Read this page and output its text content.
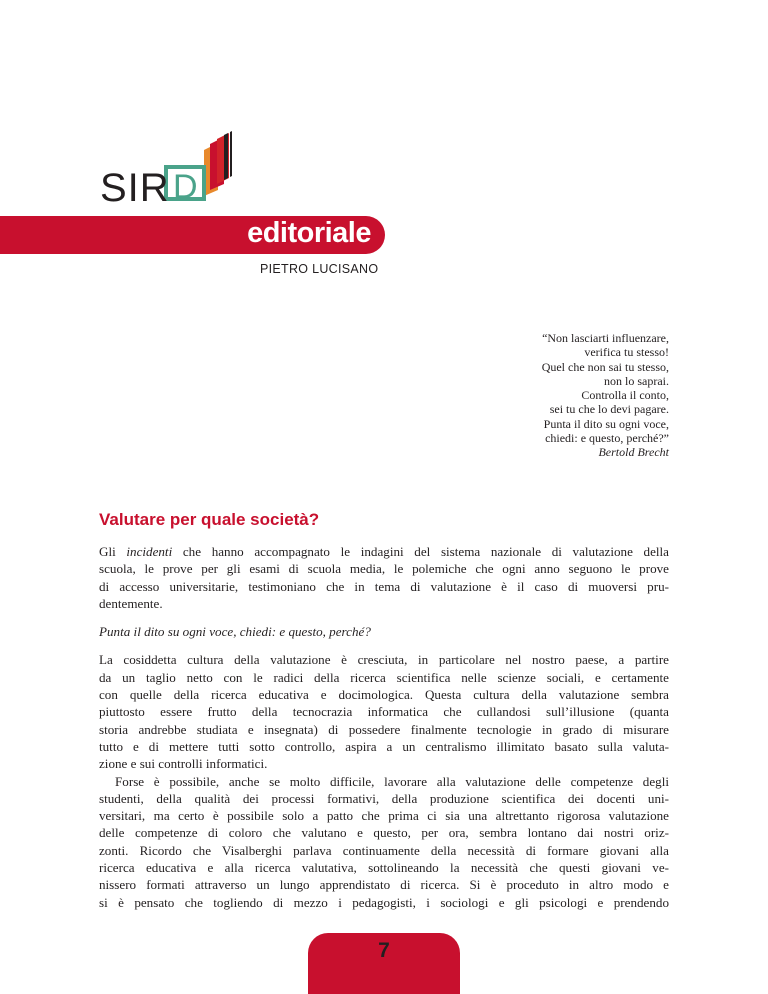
SIR D
editoriale
PIETRO LUCISANO
“Non lasciarti influenzare,
verifica tu stesso!
Quel che non sai tu stesso,
non lo saprai.
Controlla il conto,
sei tu che lo devi pagare.
Punta il dito su ogni voce,
chiedi: e questo, perché?”
Bertold Brecht
Valutare per quale società?

Gli incidenti che hanno accompagnato le indagini del sistema nazionale di valutazione della
scuola, le prove per gli esami di scuola media, le polemiche che ogni anno seguono le prove
di accesso universitarie, testimoniano che in tema di valutazione è il caso di muoversi pru-
dentemente.

Punta il dito su ogni voce, chiedi: e questo, perché?

La cosiddetta cultura della valutazione è cresciuta, in particolare nel nostro paese, a partire
da un taglio netto con le radici della ricerca scientifica nelle scienze sociali, e certamente
con quelle della ricerca educativa e docimologica. Questa cultura della valutazione sembra
piuttosto essere frutto della tecnocrazia informatica che cullandosi sull’illusione (quanta
storia andrebbe studiata e insegnata) di possedere finalmente tecnologie in grado di misurare
tutto e di mettere tutti sotto controllo, aspira a un centralismo illimitato basato sulla valuta-
zione e sui controlli informatici.

Forse è possibile, anche se molto difficile, lavorare alla valutazione delle competenze degli
studenti, della qualità dei processi formativi, della produzione scientifica dei docenti uni-
versitari, ma certo è possibile solo a patto che prima ci sia una altrettanto rigorosa valutazione
delle competenze di coloro che valutano e questo, per ora, sembra lontano dai nostri oriz-
zonti. Ricordo che Visalberghi parlava continuamente della necessità di formare giovani alla
ricerca educativa e alla ricerca valutativa, sottolineando la necessità che questi giovani ve-
nissero formati attraverso un lungo apprendistato di ricerca. Si è proceduto in altro modo e
si è pensato che togliendo di mezzo i pedagogisti, i sociologi e gli psicologi e prendendo

7
